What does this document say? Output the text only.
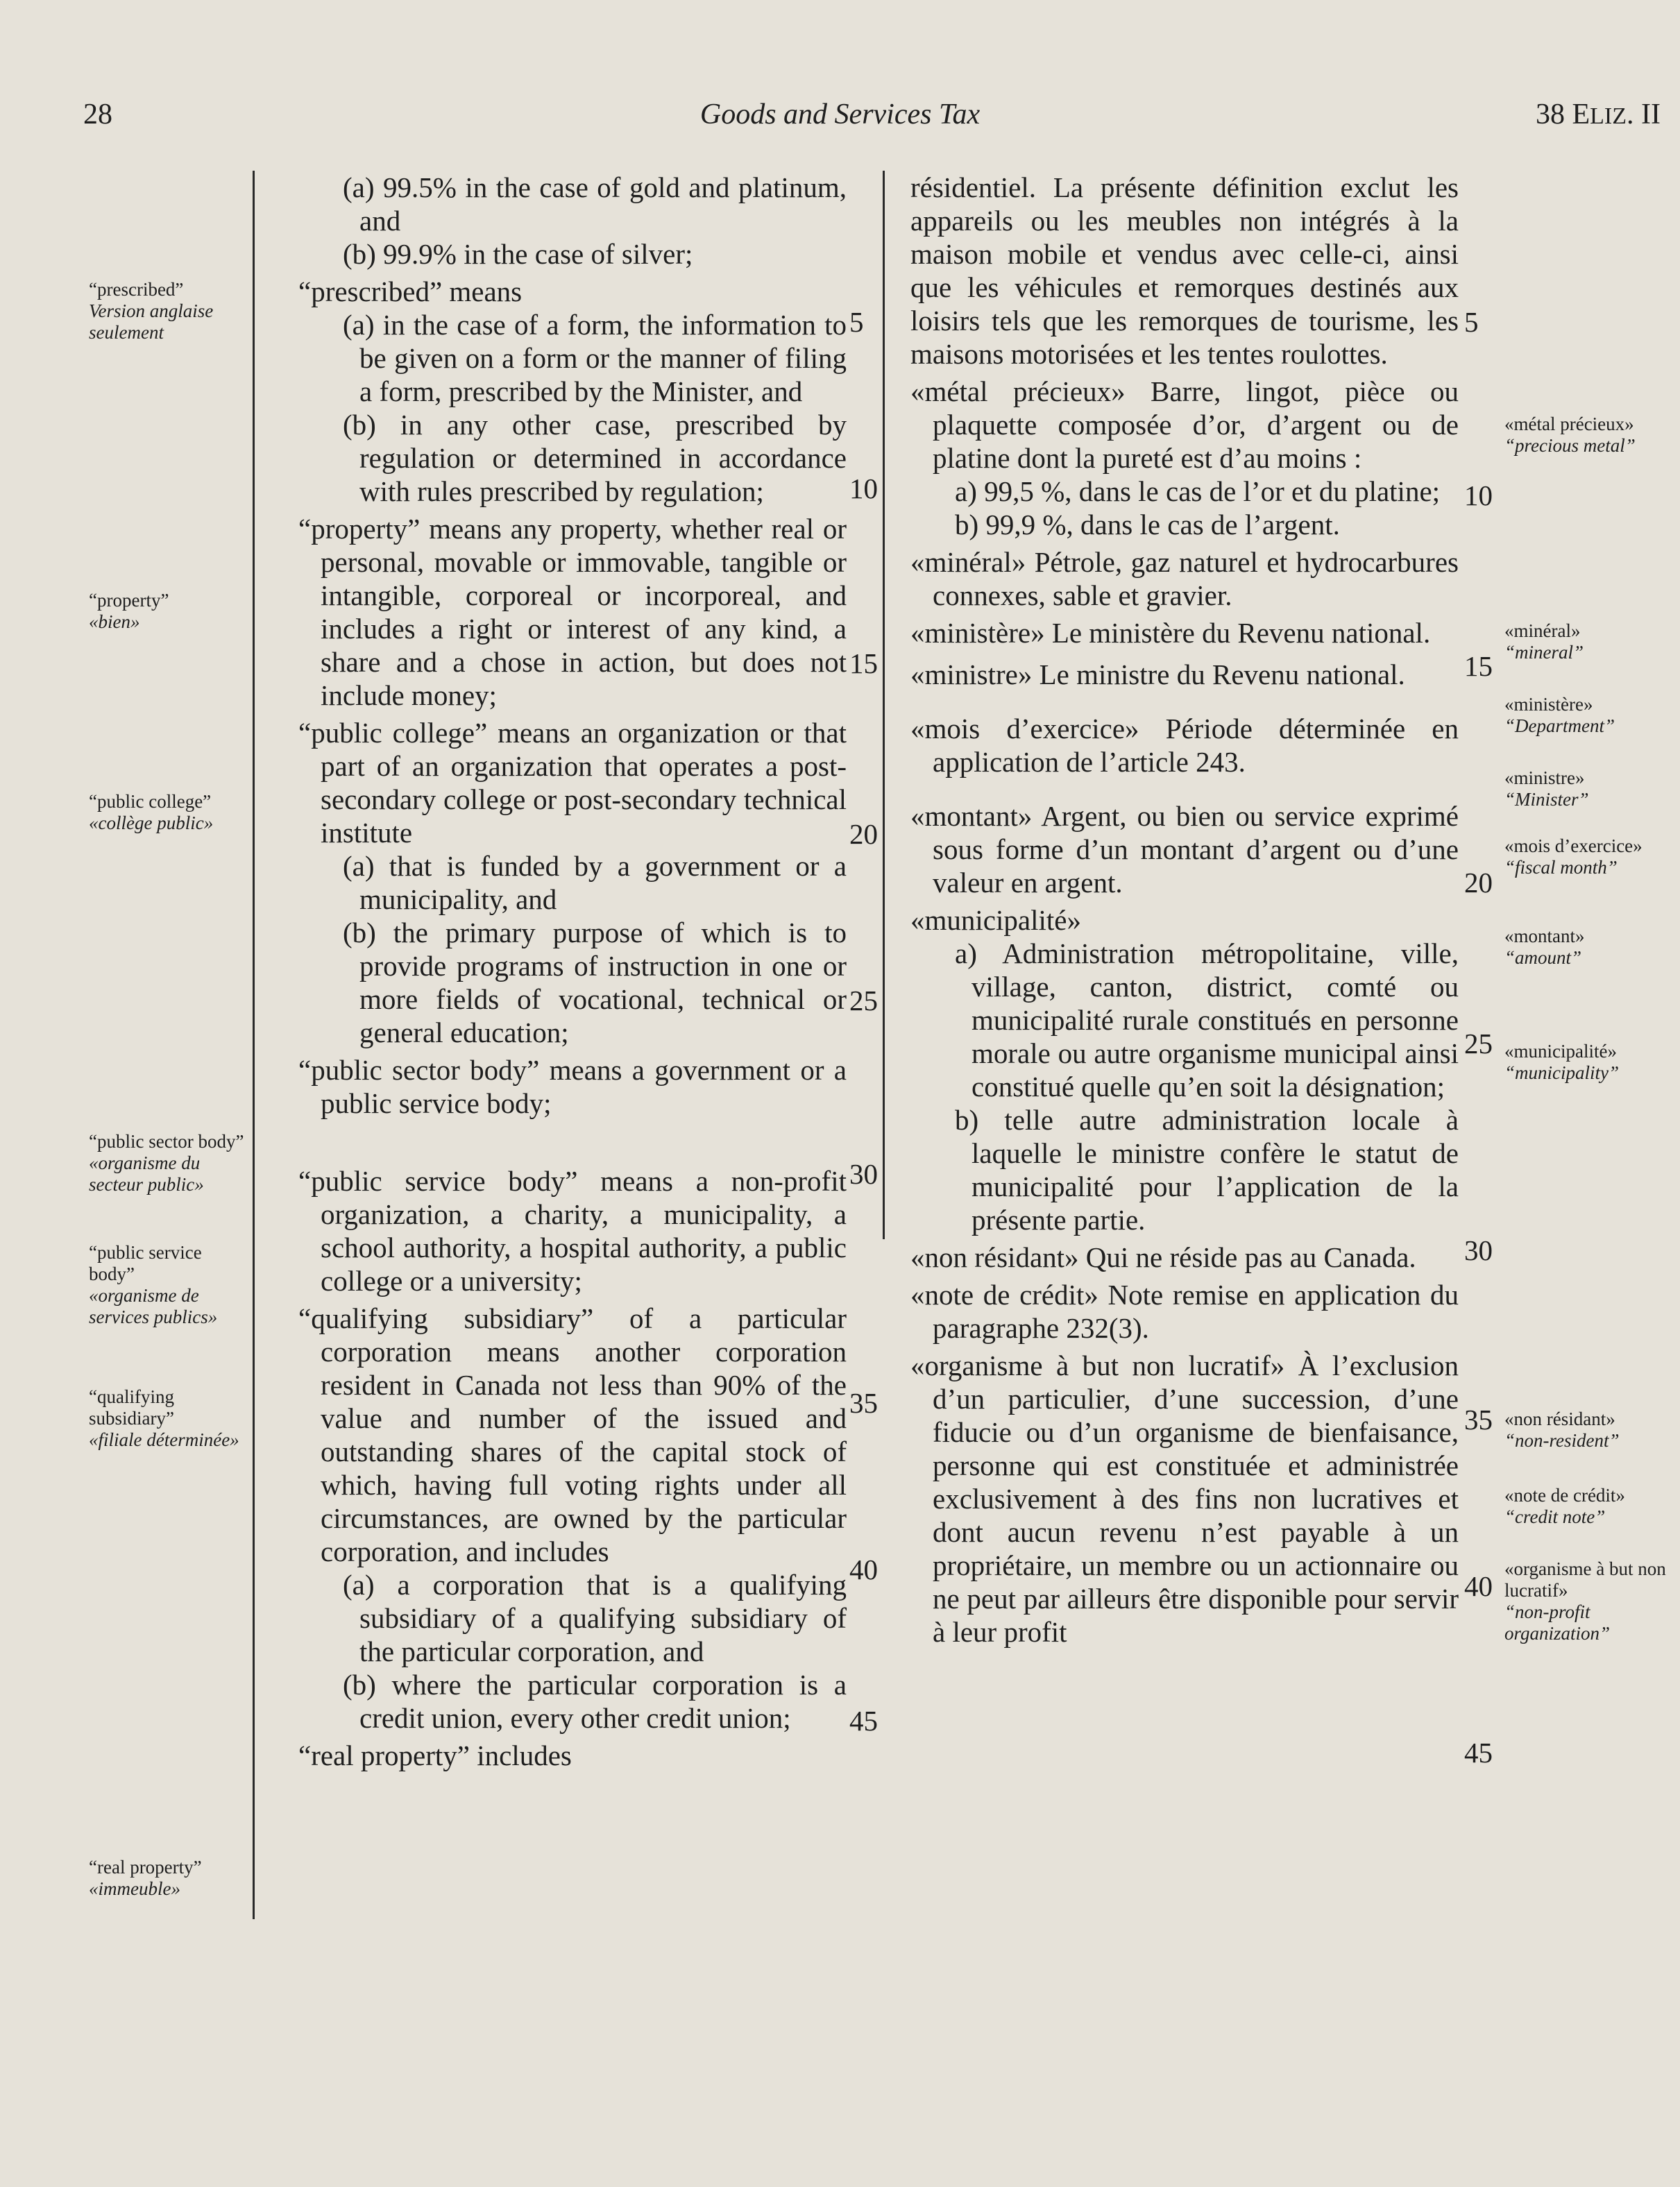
28	Goods and Services Tax	38 ELIZ. II
“prescribed”
Version anglaise seulement
“property”
«bien»
“public college”
«collège public»
“public sector body”
«organisme du secteur public»
“public service body”
«organisme de services publics»
“qualifying subsidiary”
«filiale déterminée»
“real property”
«immeuble»

(a) 99.5% in the case of gold and platinum, and

(b) 99.9% in the case of silver;

“prescribed” means

(a) in the case of a form, the information to be given on a form or the manner of filing a form, prescribed by the Minister, and

(b) in any other case, prescribed by regulation or determined in accordance with rules prescribed by regulation;

“property” means any property, whether real or personal, movable or immovable, tangible or intangible, corporeal or incorporeal, and includes a right or interest of any kind, a share and a chose in action, but does not include money;

“public college” means an organization or that part of an organization that operates a post-secondary college or post-secondary technical institute

(a) that is funded by a government or a municipality, and

(b) the primary purpose of which is to provide programs of instruction in one or more fields of vocational, technical or general education;

“public sector body” means a government or a public service body;

“public service body” means a non-profit organization, a charity, a municipality, a school authority, a hospital authority, a public college or a university;

“qualifying subsidiary” of a particular corporation means another corporation resident in Canada not less than 90% of the value and number of the issued and outstanding shares of the capital stock of which, having full voting rights under all circumstances, are owned by the particular corporation, and includes

(a) a corporation that is a qualifying subsidiary of a qualifying subsidiary of the particular corporation, and

(b) where the particular corporation is a credit union, every other credit union;

“real property” includes

5
10
15
20
25
30
35
40
45

résidentiel. La présente définition exclut les appareils ou les meubles non intégrés à la maison mobile et vendus avec celle-ci, ainsi que les véhicules et remorques destinés aux loisirs tels que les remorques de tourisme, les maisons motorisées et les tentes roulottes.

«métal précieux» Barre, lingot, pièce ou plaquette composée d’or, d’argent ou de platine dont la pureté est d’au moins :

a) 99,5 %, dans le cas de l’or et du platine;

b) 99,9 %, dans le cas de l’argent.

«minéral» Pétrole, gaz naturel et hydrocarbures connexes, sable et gravier.

«ministère» Le ministère du Revenu national.

«ministre» Le ministre du Revenu national.

«mois d’exercice» Période déterminée en application de l’article 243.

«montant» Argent, ou bien ou service exprimé sous forme d’un montant d’argent ou d’une valeur en argent.

«municipalité»

a) Administration métropolitaine, ville, village, canton, district, comté ou municipalité rurale constitués en personne morale ou autre organisme municipal ainsi constitué quelle qu’en soit la désignation;

b) telle autre administration locale à laquelle le ministre confère le statut de municipalité pour l’application de la présente partie.

«non résidant» Qui ne réside pas au Canada.

«note de crédit» Note remise en application du paragraphe 232(3).

«organisme à but non lucratif» À l’exclusion d’un particulier, d’une succession, d’une fiducie ou d’un organisme de bienfaisance, personne qui est constituée et administrée exclusivement à des fins non lucratives et dont aucun revenu n’est payable à un propriétaire, un membre ou un actionnaire ou ne peut par ailleurs être disponible pour servir à leur profit

5
10
15
20
25
30
35
40
45
«métal précieux»
“precious metal”
«minéral»
“mineral”
«ministère»
“Department”
«ministre»
“Minister”
«mois d’exercice»
“fiscal month”
«montant»
“amount”
«municipalité»
“municipality”
«non résidant»
“non-resident”
«note de crédit»
“credit note”
«organisme à but non lucratif»
“non-profit organization”
